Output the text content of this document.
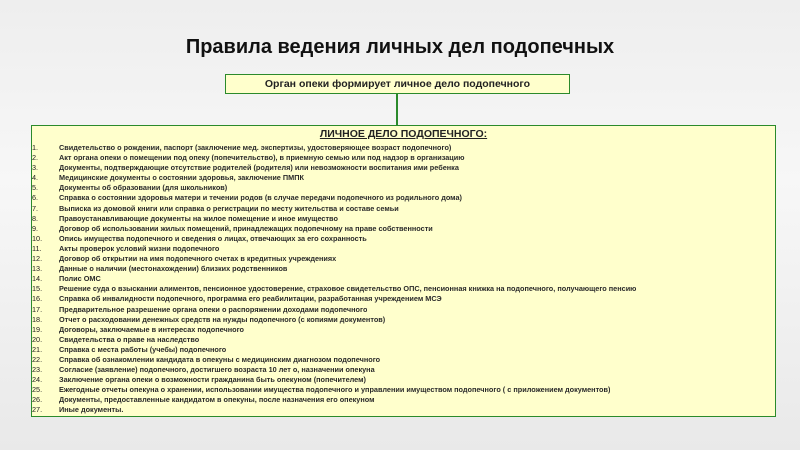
Правила ведения личных дел подопечных
Орган опеки формирует личное дело подопечного
ЛИЧНОЕ ДЕЛО ПОДОПЕЧНОГО:
1.	Свидетельство о рождении, паспорт (заключение мед. экспертизы, удостоверяющее возраст подопечного)
2.	Акт органа опеки о помещении под опеку (попечительство), в приемную семью или под надзор в организацию
3.	Документы, подтверждающие отсутствие родителей (родителя) или невозможности воспитания ими ребенка
4.	Медицинские документы о состоянии здоровья, заключение ПМПК
5.	Документы об образовании (для школьников)
6.	Справка о состоянии здоровья матери и течении родов (в случае передачи подопечного из родильного дома)
7.	Выписка из домовой книги или справка о регистрации по месту жительства и составе семьи
8.	Правоустанавливающие документы на жилое помещение и иное имущество
9.	Договор об использовании жилых помещений, принадлежащих подопечному на праве собственности
10.	Опись имущества подопечного и сведения о лицах, отвечающих за его сохранность
11.	Акты проверок условий жизни подопечного
12.	Договор об открытии на имя подопечного счетах в кредитных учреждениях
13.	Данные о наличии (местонахождении) близких родственников
14.	Полис ОМС
15.	Решение суда о взыскании алиментов, пенсионное удостоверение, страховое свидетельство ОПС, пенсионная книжка на подопечного, получающего пенсию
16.	Справка об инвалидности подопечного, программа его реабилитации, разработанная учреждением МСЭ
17.	Предварительное разрешение органа опеки о распоряжении доходами подопечного
18.	Отчет о расходовании денежных средств на нужды подопечного (с копиями документов)
19.	Договоры, заключаемые в интересах подопечного
20.	Свидетельства о праве на наследство
21.	Справка с места работы (учебы) подопечного
22.	Справка об ознакомлении кандидата в опекуны с медицинским диагнозом подопечного
23.	Согласие (заявление) подопечного, достигшего возраста 10 лет о, назначении опекуна
24.	Заключение органа опеки о возможности гражданина быть опекуном (попечителем)
25.	Ежегодные отчеты опекуна о хранении, использовании имущества подопечного и управлении имуществом подопечного ( с приложением документов)
26.	Документы, предоставленные кандидатом в опекуны, после назначения его опекуном
27.	Иные документы.
